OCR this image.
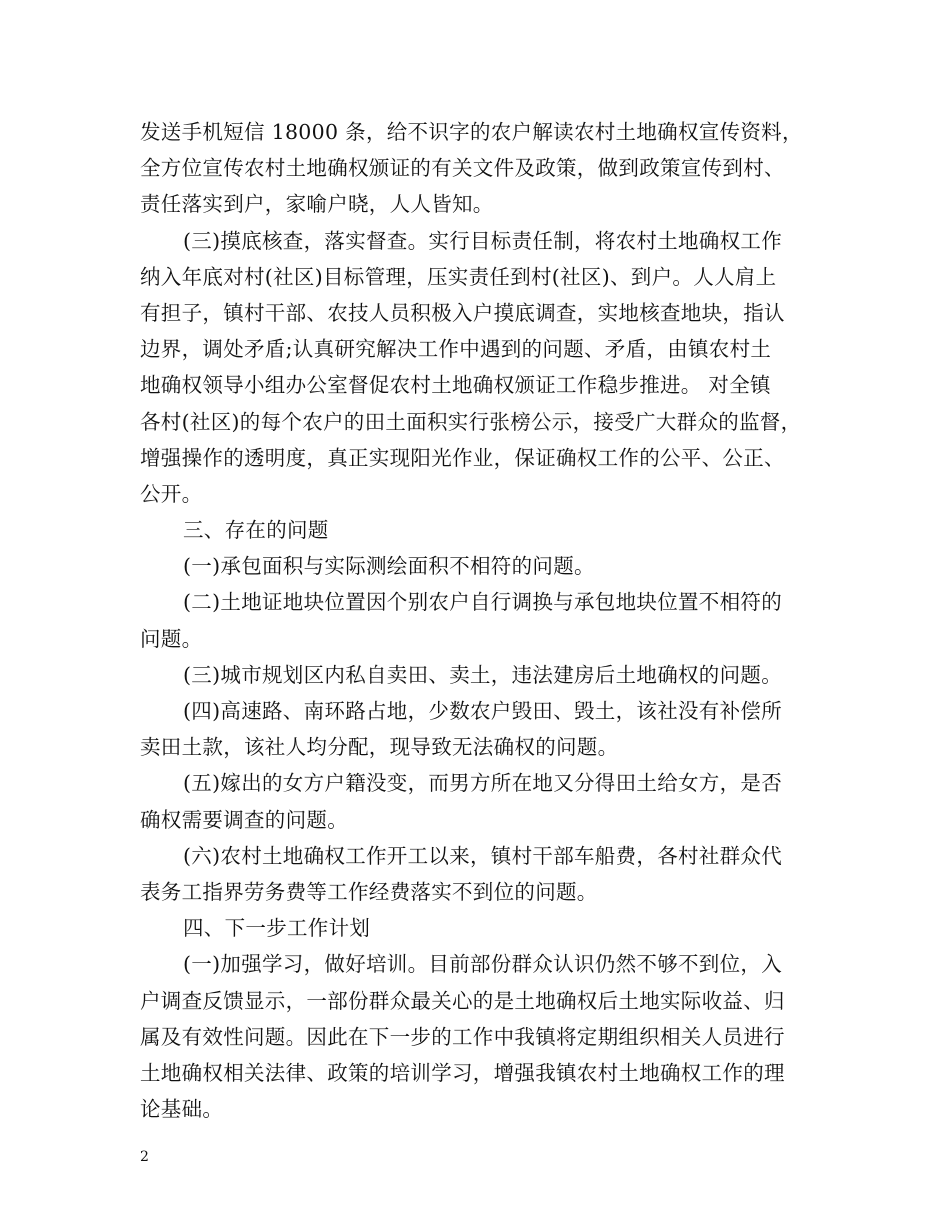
发送手机短信 18000 条，给不识字的农户解读农村土地确权宣传资料，
全方位宣传农村土地确权颁证的有关文件及政策，做到政策宣传到村、
责任落实到户，家喻户晓，人人皆知。
(三)摸底核查，落实督查。实行目标责任制，将农村土地确权工作
纳入年底对村(社区)目标管理，压实责任到村(社区)、到户。人人肩上
有担子，镇村干部、农技人员积极入户摸底调查，实地核查地块，指认
边界，调处矛盾;认真研究解决工作中遇到的问题、矛盾，由镇农村土
地确权领导小组办公室督促农村土地确权颁证工作稳步推进。 对全镇
各村(社区)的每个农户的田土面积实行张榜公示，接受广大群众的监督，
增强操作的透明度，真正实现阳光作业，保证确权工作的公平、公正、
公开。
三、存在的问题
(一)承包面积与实际测绘面积不相符的问题。
(二)土地证地块位置因个别农户自行调换与承包地块位置不相符的
问题。
(三)城市规划区内私自卖田、卖土，违法建房后土地确权的问题。
(四)高速路、南环路占地，少数农户毁田、毁土，该社没有补偿所
卖田土款，该社人均分配，现导致无法确权的问题。
(五)嫁出的女方户籍没变，而男方所在地又分得田土给女方，是否
确权需要调查的问题。
(六)农村土地确权工作开工以来，镇村干部车船费，各村社群众代
表务工指界劳务费等工作经费落实不到位的问题。
四、下一步工作计划
(一)加强学习，做好培训。目前部份群众认识仍然不够不到位，入
户调查反馈显示，一部份群众最关心的是土地确权后土地实际收益、归
属及有效性问题。因此在下一步的工作中我镇将定期组织相关人员进行
土地确权相关法律、政策的培训学习，增强我镇农村土地确权工作的理
论基础。
2
